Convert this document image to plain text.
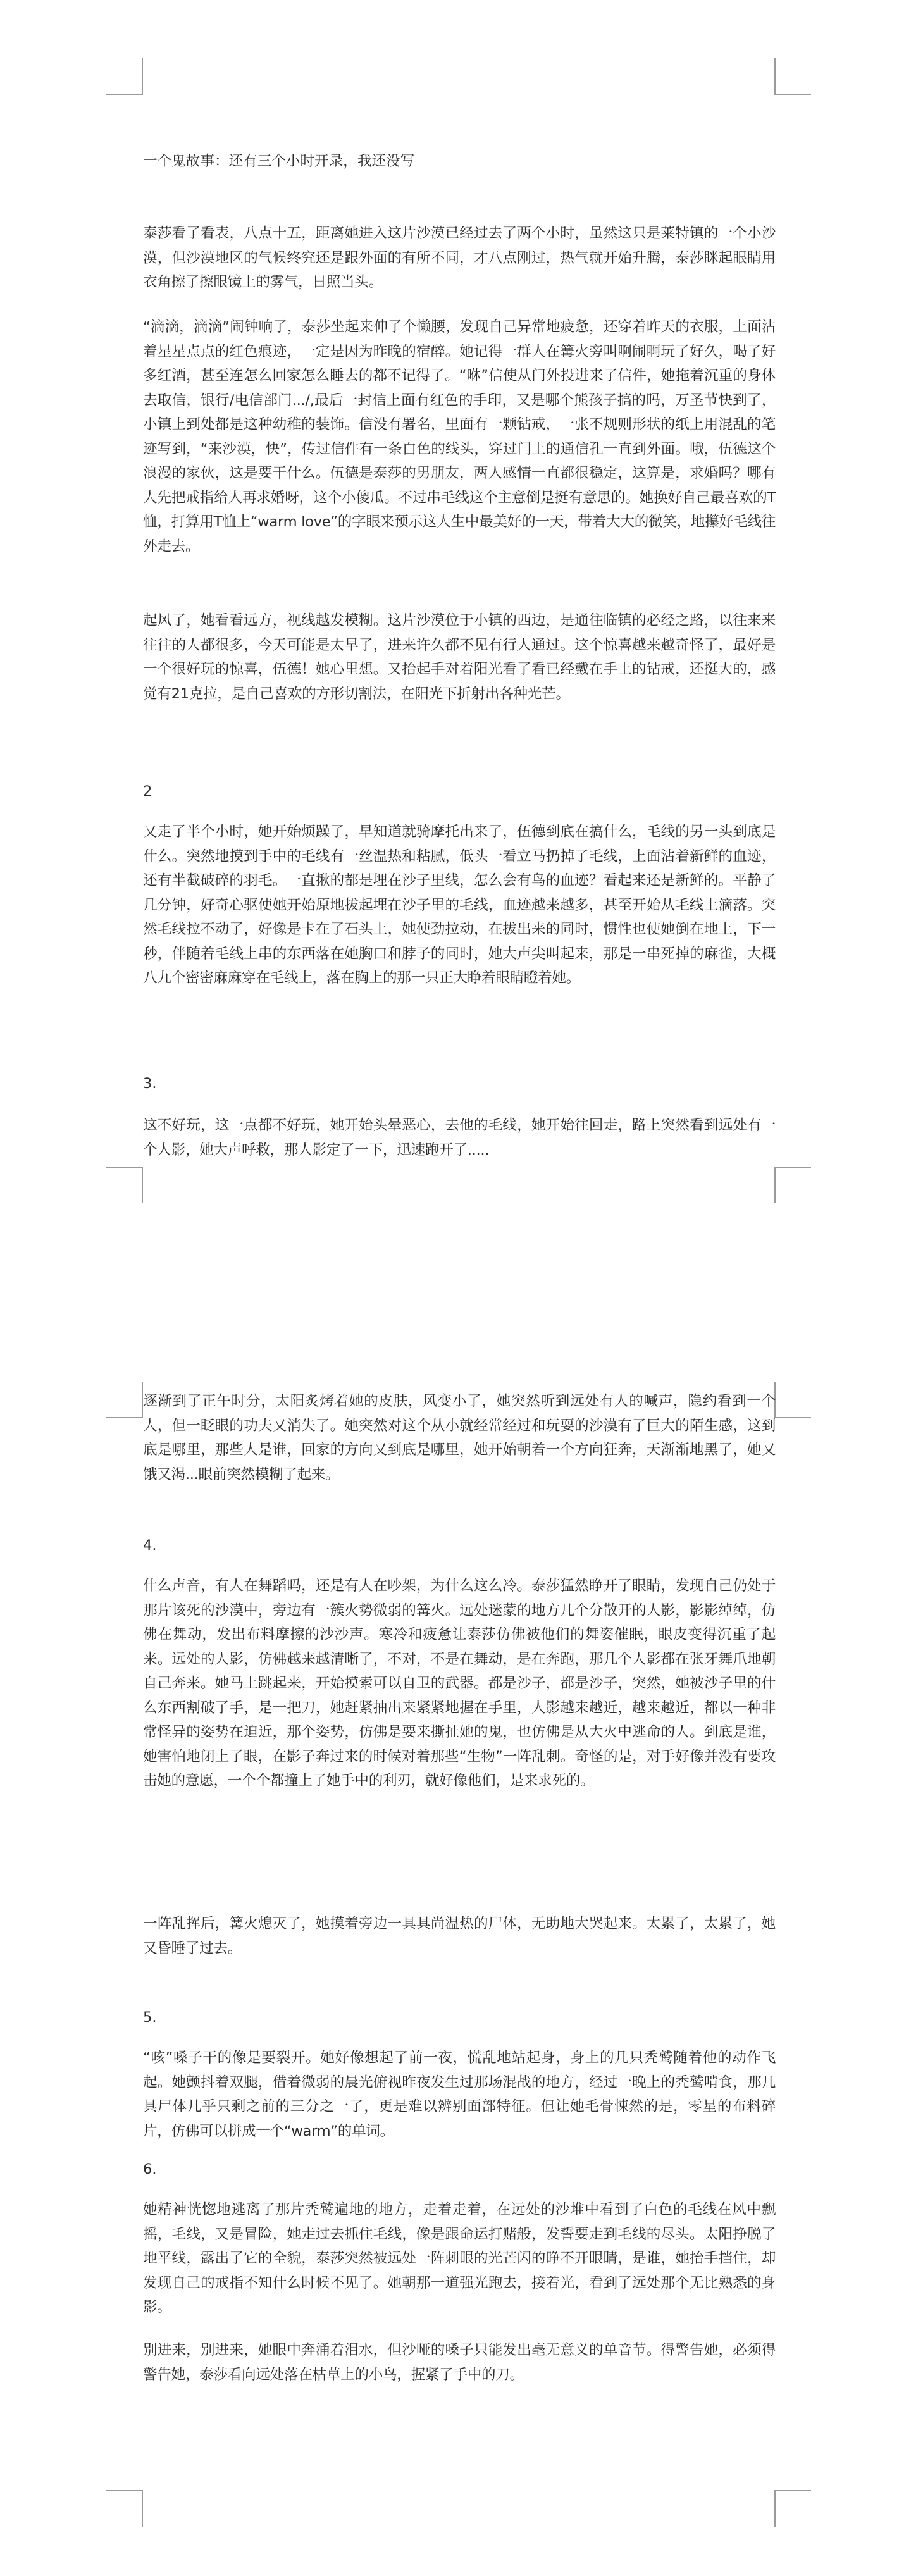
一个鬼故事：还有三个小时开录，我还没写

泰莎看了看表，八点十五，距离她进入这片沙漠已经过去了两个小时，虽然这只是莱特镇的一个小沙漠，但沙漠地区的气候终究还是跟外面的有所不同，才八点刚过，热气就开始升腾，泰莎眯起眼睛用衣角擦了擦眼镜上的雾气，日照当头。

“滴滴，滴滴”闹钟响了，泰莎坐起来伸了个懒腰，发现自己异常地疲惫，还穿着昨天的衣服，上面沾着星星点点的红色痕迹，一定是因为昨晚的宿醉。她记得一群人在篝火旁叫啊闹啊玩了好久，喝了好多红酒，甚至连怎么回家怎么睡去的都不记得了。“咻”信使从门外投进来了信件，她拖着沉重的身体去取信，银行/电信部门.../,最后一封信上面有红色的手印，又是哪个熊孩子搞的吗，万圣节快到了，小镇上到处都是这种幼稚的装饰。信没有署名，里面有一颗钻戒，一张不规则形状的纸上用混乱的笔迹写到，“来沙漠，快”，传过信件有一条白色的线头，穿过门上的通信孔一直到外面。哦，伍德这个浪漫的家伙，这是要干什么。伍德是泰莎的男朋友，两人感情一直都很稳定，这算是，求婚吗？哪有人先把戒指给人再求婚呀，这个小傻瓜。不过串毛线这个主意倒是挺有意思的。她换好自己最喜欢的T恤，打算用T恤上“warm love”的字眼来预示这人生中最美好的一天，带着大大的微笑，地攥好毛线往外走去。

起风了，她看看远方，视线越发模糊。这片沙漠位于小镇的西边，是通往临镇的必经之路，以往来来往往的人都很多，今天可能是太早了，进来许久都不见有行人通过。这个惊喜越来越奇怪了，最好是一个很好玩的惊喜，伍德！她心里想。又抬起手对着阳光看了看已经戴在手上的钻戒，还挺大的，感觉有21克拉，是自己喜欢的方形切割法，在阳光下折射出各种光芒。

2

又走了半个小时，她开始烦躁了，早知道就骑摩托出来了，伍德到底在搞什么，毛线的另一头到底是什么。突然地摸到手中的毛线有一丝温热和粘腻，低头一看立马扔掉了毛线，上面沾着新鲜的血迹，还有半截破碎的羽毛。一直揪的都是埋在沙子里线，怎么会有鸟的血迹？看起来还是新鲜的。平静了几分钟，好奇心驱使她开始原地拔起埋在沙子里的毛线，血迹越来越多，甚至开始从毛线上滴落。突然毛线拉不动了，好像是卡在了石头上，她使劲拉动，在拔出来的同时，惯性也使她倒在地上，下一秒，伴随着毛线上串的东西落在她胸口和脖子的同时，她大声尖叫起来，那是一串死掉的麻雀，大概八九个密密麻麻穿在毛线上，落在胸上的那一只正大睁着眼睛瞪着她。

3.

这不好玩，这一点都不好玩，她开始头晕恶心，去他的毛线，她开始往回走，路上突然看到远处有一个人影，她大声呼救，那人影定了一下，迅速跑开了.....

逐渐到了正午时分，太阳炙烤着她的皮肤，风变小了，她突然听到远处有人的喊声，隐约看到一个人，但一眨眼的功夫又消失了。她突然对这个从小就经常经过和玩耍的沙漠有了巨大的陌生感，这到底是哪里，那些人是谁，回家的方向又到底是哪里，她开始朝着一个方向狂奔，天渐渐地黑了，她又饿又渴...眼前突然模糊了起来。

4.

什么声音，有人在舞蹈吗，还是有人在吵架，为什么这么冷。泰莎猛然睁开了眼睛，发现自己仍处于那片该死的沙漠中，旁边有一簇火势微弱的篝火。远处迷蒙的地方几个分散开的人影，影影绰绰，仿佛在舞动，发出布料摩擦的沙沙声。寒冷和疲惫让泰莎仿佛被他们的舞姿催眠，眼皮变得沉重了起来。远处的人影，仿佛越来越清晰了，不对，不是在舞动，是在奔跑，那几个人影都在张牙舞爪地朝自己奔来。她马上跳起来，开始摸索可以自卫的武器。都是沙子，都是沙子，突然，她被沙子里的什么东西割破了手，是一把刀，她赶紧抽出来紧紧地握在手里，人影越来越近，越来越近，都以一种非常怪异的姿势在迫近，那个姿势，仿佛是要来撕扯她的鬼，也仿佛是从大火中逃命的人。到底是谁，她害怕地闭上了眼，在影子奔过来的时候对着那些“生物”一阵乱刺。奇怪的是，对手好像并没有要攻击她的意愿，一个个都撞上了她手中的利刃，就好像他们，是来求死的。

一阵乱挥后，篝火熄灭了，她摸着旁边一具具尚温热的尸体，无助地大哭起来。太累了，太累了，她又昏睡了过去。

5.

“咳”嗓子干的像是要裂开。她好像想起了前一夜，慌乱地站起身，身上的几只秃鹫随着他的动作飞起。她颤抖着双腿，借着微弱的晨光俯视昨夜发生过那场混战的地方，经过一晚上的秃鹫啃食，那几具尸体几乎只剩之前的三分之一了，更是难以辨别面部特征。但让她毛骨悚然的是，零星的布料碎片，仿佛可以拼成一个“warm”的单词。

6.

她精神恍惚地逃离了那片秃鹫遍地的地方，走着走着，在远处的沙堆中看到了白色的毛线在风中飘摇，毛线，又是冒险，她走过去抓住毛线，像是跟命运打赌般，发誓要走到毛线的尽头。太阳挣脱了地平线，露出了它的全貌，泰莎突然被远处一阵刺眼的光芒闪的睁不开眼睛，是谁，她抬手挡住，却发现自己的戒指不知什么时候不见了。她朝那一道强光跑去，接着光，看到了远处那个无比熟悉的身影。

别进来，别进来，她眼中奔涌着泪水，但沙哑的嗓子只能发出毫无意义的单音节。得警告她，必须得警告她，泰莎看向远处落在枯草上的小鸟，握紧了手中的刀。
